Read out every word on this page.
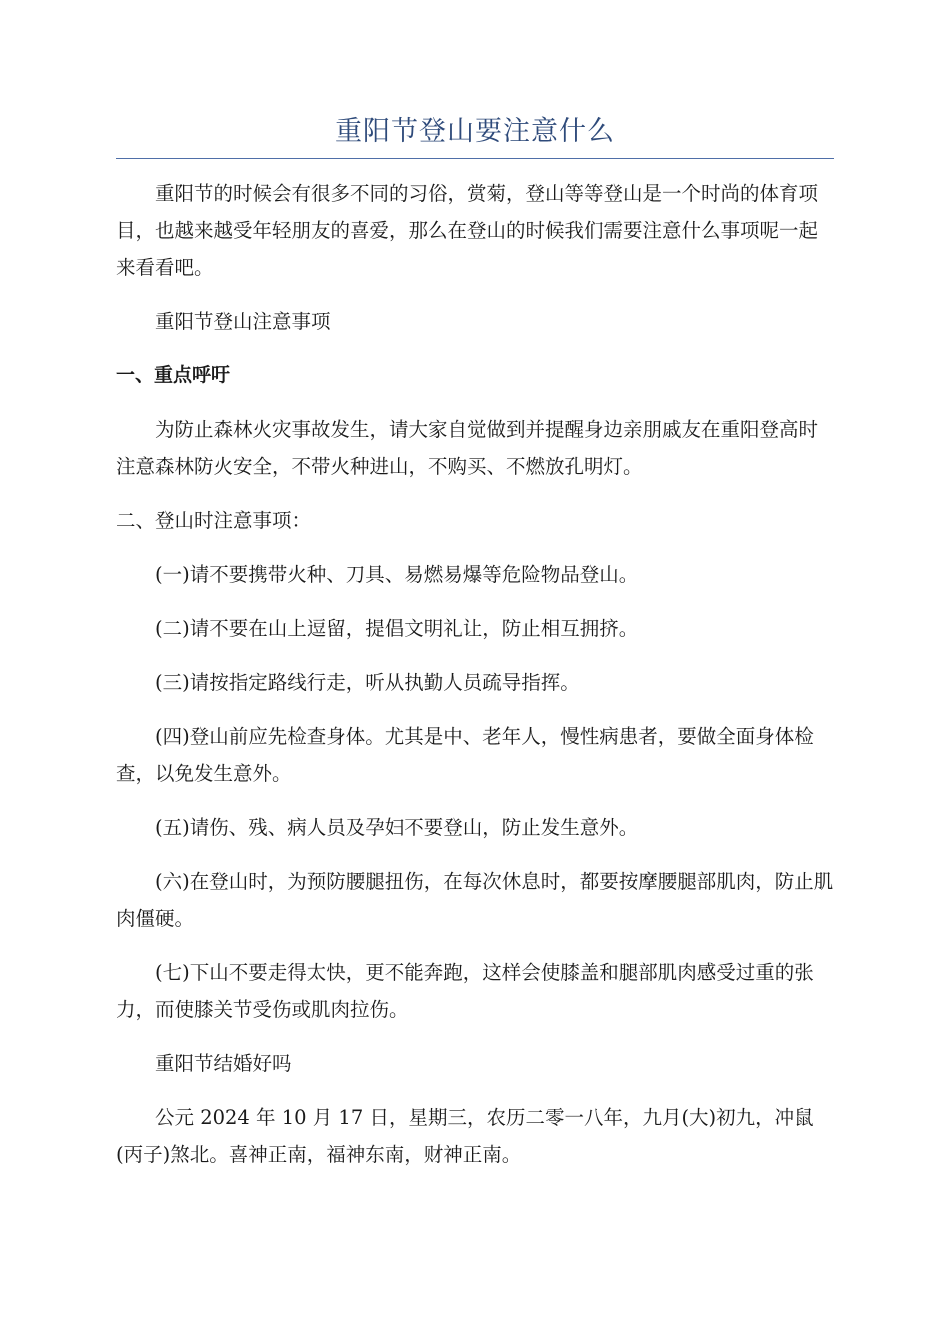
重阳节登山要注意什么

重阳节的时候会有很多不同的习俗，赏菊，登山等等登山是一个时尚的体育项目，也越来越受年轻朋友的喜爱，那么在登山的时候我们需要注意什么事项呢一起来看看吧。

重阳节登山注意事项

一、重点呼吁

为防止森林火灾事故发生，请大家自觉做到并提醒身边亲朋戚友在重阳登高时注意森林防火安全，不带火种进山，不购买、不燃放孔明灯。

二、登山时注意事项：

(一)请不要携带火种、刀具、易燃易爆等危险物品登山。

(二)请不要在山上逗留，提倡文明礼让，防止相互拥挤。

(三)请按指定路线行走，听从执勤人员疏导指挥。

(四)登山前应先检查身体。尤其是中、老年人，慢性病患者，要做全面身体检查，以免发生意外。

(五)请伤、残、病人员及孕妇不要登山，防止发生意外。

(六)在登山时，为预防腰腿扭伤，在每次休息时，都要按摩腰腿部肌肉，防止肌肉僵硬。

(七)下山不要走得太快，更不能奔跑，这样会使膝盖和腿部肌肉感受过重的张力，而使膝关节受伤或肌肉拉伤。

重阳节结婚好吗

公元 2024 年 10 月 17 日，星期三，农历二零一八年，九月(大)初九，冲鼠(丙子)煞北。喜神正南，福神东南，财神正南。
